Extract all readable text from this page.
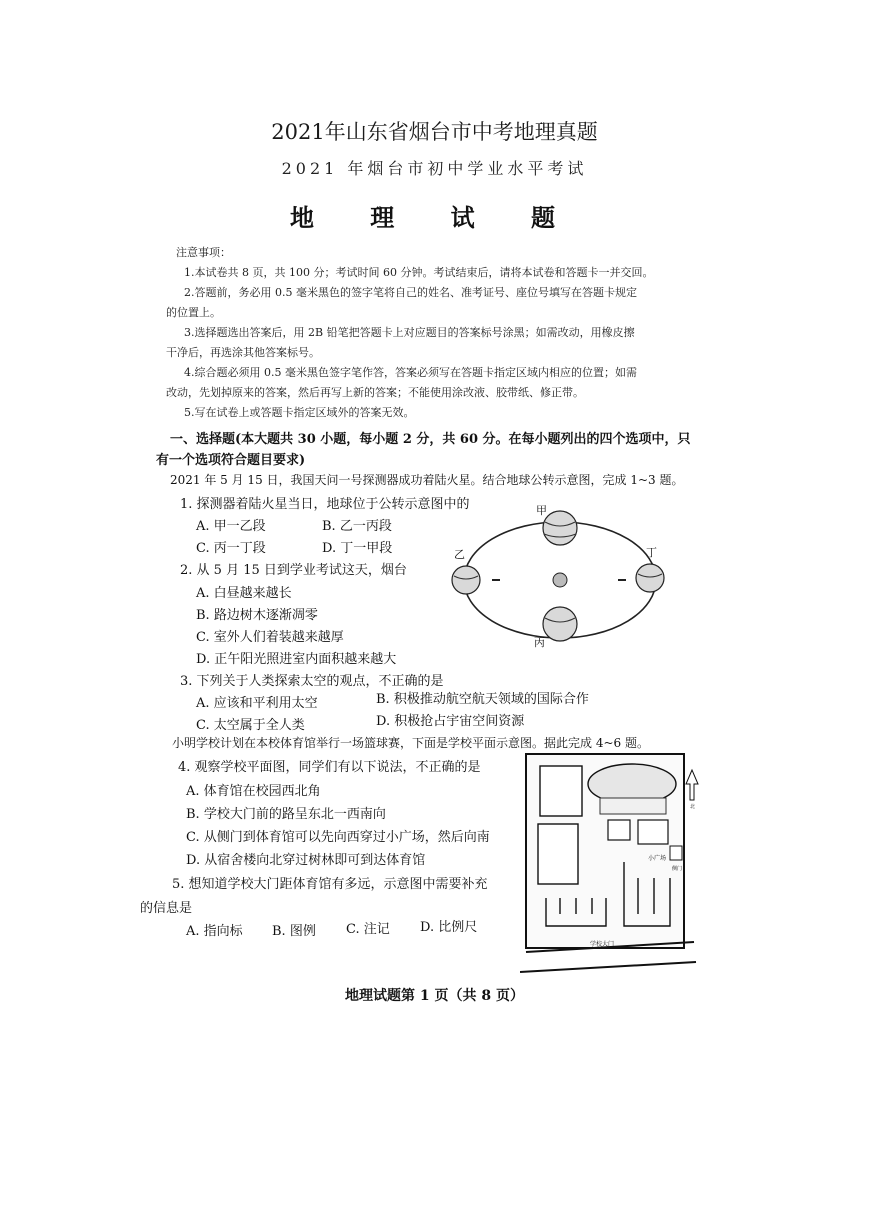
2021年山东省烟台市中考地理真题
2021 年烟台市初中学业水平考试
地 理 试 题
注意事项：
1.本试卷共 8 页，共 100 分；考试时间 60 分钟。考试结束后，请将本试卷和答题卡一并交回。
2.答题前，务必用 0.5 毫米黑色的签字笔将自己的姓名、准考证号、座位号填写在答题卡规定
的位置上。
3.选择题选出答案后，用 2B 铅笔把答题卡上对应题目的答案标号涂黑；如需改动，用橡皮擦
干净后，再选涂其他答案标号。
4.综合题必须用 0.5 毫米黑色签字笔作答，答案必须写在答题卡指定区域内相应的位置；如需
改动，先划掉原来的答案，然后再写上新的答案；不能使用涂改液、胶带纸、修正带。
5.写在试卷上或答题卡指定区域外的答案无效。
一、选择题(本大题共 30 小题，每小题 2 分，共 60 分。在每小题列出的四个选项中，只
有一个选项符合题目要求)
2021 年 5 月 15 日，我国天问一号探测器成功着陆火星。结合地球公转示意图，完成 1~3 题。
1. 探测器着陆火星当日，地球位于公转示意图中的
A. 甲一乙段	B. 乙一丙段
C. 丙一丁段	D. 丁一甲段
2. 从 5 月 15 日到学业考试这天，烟台
A. 白昼越来越长
B. 路边树木逐渐凋零
C. 室外人们着装越来越厚
D. 正午阳光照进室内面积越来越大
3. 下列关于人类探索太空的观点，不正确的是
A. 应该和平利用太空	B. 积极推动航空航天领域的国际合作
C. 太空属于全人类	D. 积极抢占宇宙空间资源
小明学校计划在本校体育馆举行一场篮球赛，下面是学校平面示意图。据此完成 4~6 题。
4. 观察学校平面图，同学们有以下说法，不正确的是
A. 体育馆在校园西北角
B. 学校大门前的路呈东北一西南向
C. 从侧门到体育馆可以先向西穿过小广场，然后向南
D. 从宿舍楼向北穿过树林即可到达体育馆
5. 想知道学校大门距体育馆有多远，示意图中需要补充
的信息是
A. 指向标 B. 图例 C. 注记 D. 比例尺
甲
乙
丙
丁
北
学校大门
小广场
侧门
地理试题第 1 页（共 8 页）
